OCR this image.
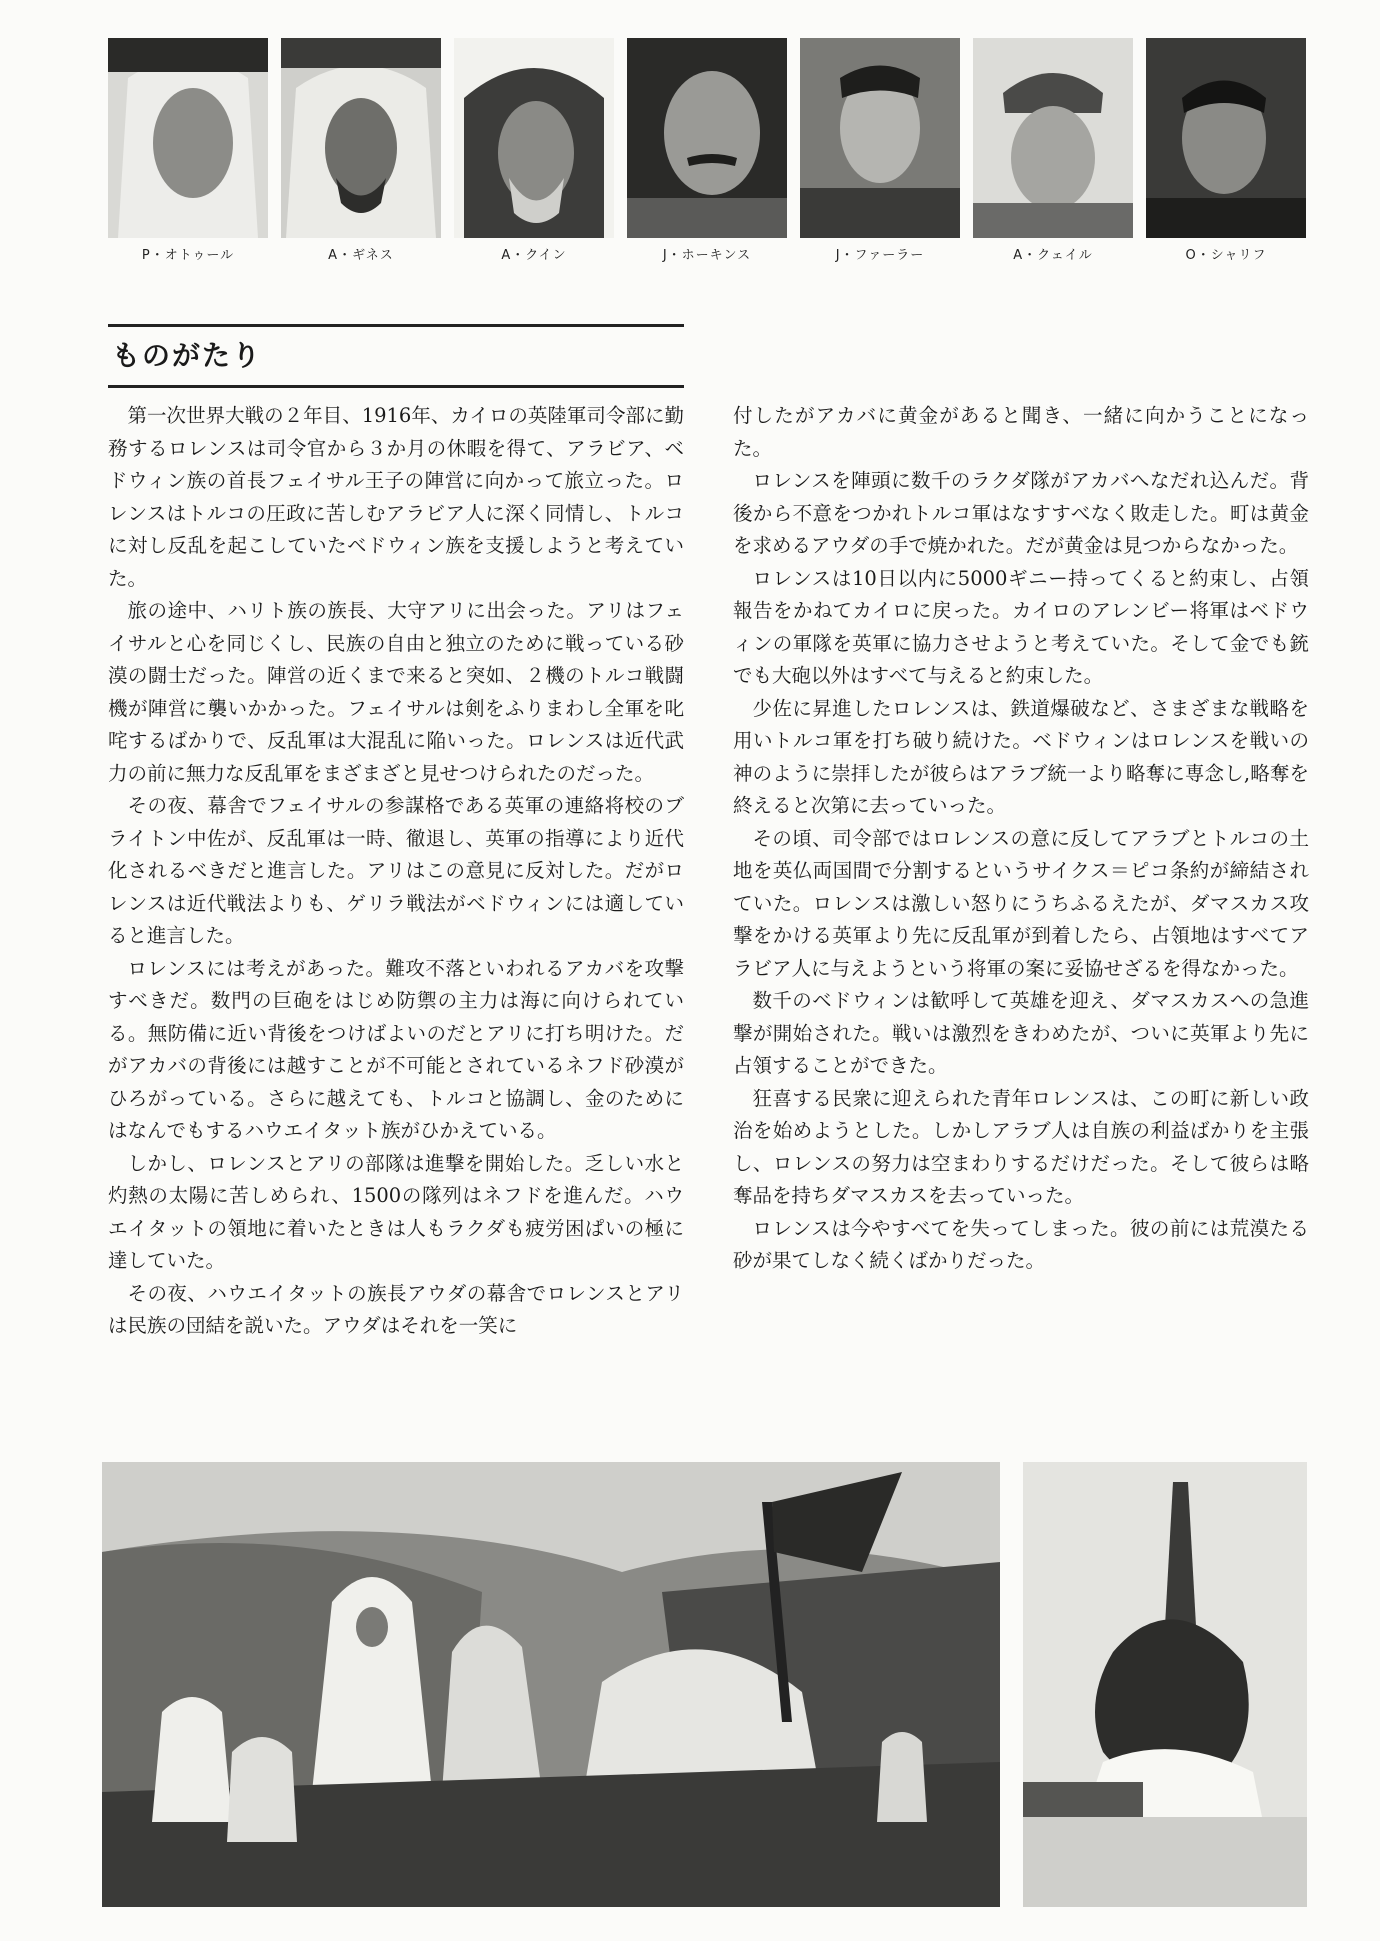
P・オトゥール	A・ギネス	A・クイン	J・ホーキンス	J・ファーラー	A・クェイル	O・シャリフ
ものがたり

第一次世界大戦の２年目、1916年、カイロの英陸軍司令部に勤務するロレンスは司令官から３か月の休暇を得て、アラビア、ベドウィン族の首長フェイサル王子の陣営に向かって旅立った。ロレンスはトルコの圧政に苦しむアラビア人に深く同情し、トルコに対し反乱を起こしていたベドウィン族を支援しようと考えていた。

旅の途中、ハリト族の族長、大守アリに出会った。アリはフェイサルと心を同じくし、民族の自由と独立のために戦っている砂漠の闘士だった。陣営の近くまで来ると突如、２機のトルコ戦闘機が陣営に襲いかかった。フェイサルは剣をふりまわし全軍を叱咤するばかりで、反乱軍は大混乱に陥いった。ロレンスは近代武力の前に無力な反乱軍をまざまざと見せつけられたのだった。

その夜、幕舎でフェイサルの参謀格である英軍の連絡将校のブライトン中佐が、反乱軍は一時、徹退し、英軍の指導により近代化されるべきだと進言した。アリはこの意見に反対した。だがロレンスは近代戦法よりも、ゲリラ戦法がベドウィンには適していると進言した。

ロレンスには考えがあった。難攻不落といわれるアカバを攻撃すべきだ。数門の巨砲をはじめ防禦の主力は海に向けられている。無防備に近い背後をつけばよいのだとアリに打ち明けた。だがアカバの背後には越すことが不可能とされているネフド砂漠がひろがっている。さらに越えても、トルコと協調し、金のためにはなんでもするハウエイタット族がひかえている。

しかし、ロレンスとアリの部隊は進撃を開始した。乏しい水と灼熱の太陽に苦しめられ、1500の隊列はネフドを進んだ。ハウエイタットの領地に着いたときは人もラクダも疲労困ぱいの極に達していた。

その夜、ハウエイタットの族長アウダの幕舎でロレンスとアリは民族の団結を説いた。アウダはそれを一笑に

付したがアカバに黄金があると聞き、一緒に向かうことになった。

ロレンスを陣頭に数千のラクダ隊がアカバへなだれ込んだ。背後から不意をつかれトルコ軍はなすすべなく敗走した。町は黄金を求めるアウダの手で焼かれた。だが黄金は見つからなかった。

ロレンスは10日以内に5000ギニー持ってくると約束し、占領報告をかねてカイロに戻った。カイロのアレンビー将軍はベドウィンの軍隊を英軍に協力させようと考えていた。そして金でも銃でも大砲以外はすべて与えると約束した。

少佐に昇進したロレンスは、鉄道爆破など、さまざまな戦略を用いトルコ軍を打ち破り続けた。ベドウィンはロレンスを戦いの神のように崇拝したが彼らはアラブ統一より略奪に専念し,略奪を終えると次第に去っていった。

その頃、司令部ではロレンスの意に反してアラブとトルコの土地を英仏両国間で分割するというサイクス＝ピコ条約が締結されていた。ロレンスは激しい怒りにうちふるえたが、ダマスカス攻撃をかける英軍より先に反乱軍が到着したら、占領地はすべてアラビア人に与えようという将軍の案に妥協せざるを得なかった。

数千のベドウィンは歓呼して英雄を迎え、ダマスカスへの急進撃が開始された。戦いは激烈をきわめたが、ついに英軍より先に占領することができた。

狂喜する民衆に迎えられた青年ロレンスは、この町に新しい政治を始めようとした。しかしアラブ人は自族の利益ばかりを主張し、ロレンスの努力は空まわりするだけだった。そして彼らは略奪品を持ちダマスカスを去っていった。

ロレンスは今やすべてを失ってしまった。彼の前には荒漠たる砂が果てしなく続くばかりだった。
